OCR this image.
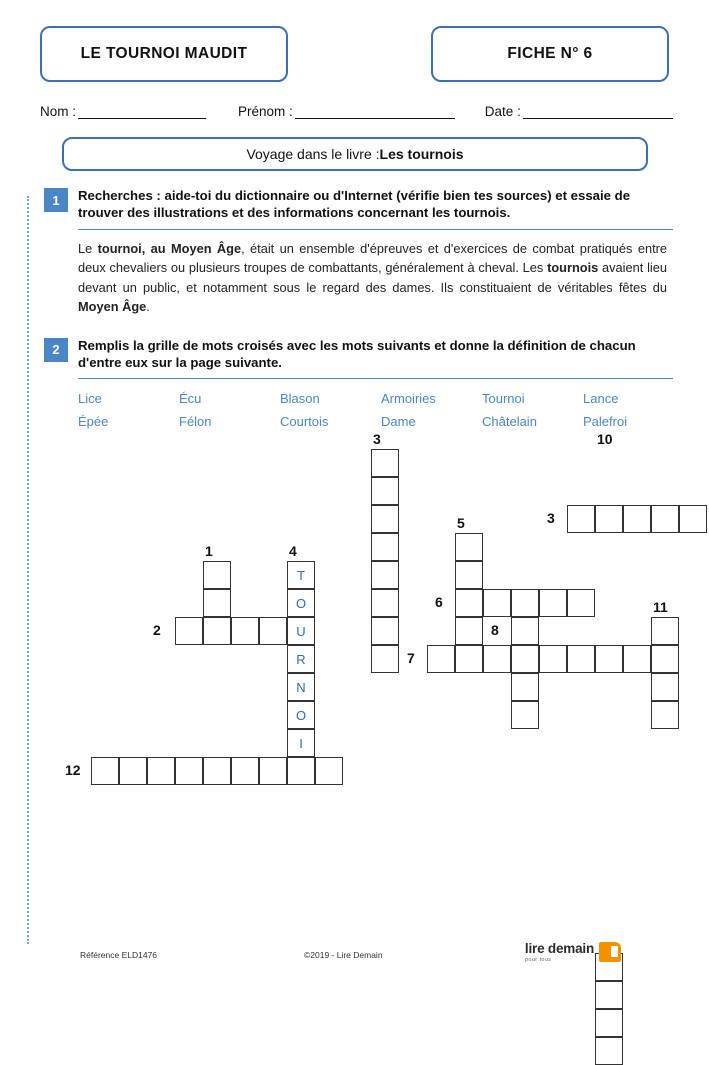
LE TOURNOI MAUDIT	FICHE N° 6
Nom :	Prénom :	Date :
Voyage dans le livre : Les tournois
1	Recherches : aide-toi du dictionnaire ou d'Internet (vérifie bien tes sources) et essaie de trouver des illustrations et des informations concernant les tournois.
Le tournoi, au Moyen Âge, était un ensemble d'épreuves et d'exercices de combat pratiqués entre deux chevaliers ou plusieurs troupes de combattants, généralement à cheval. Les tournois avaient lieu devant un public, et notamment sous le regard des dames. Ils constituaient de véritables fêtes du Moyen Âge.
2	Remplis la grille de mots croisés avec les mots suivants et donne la définition de chacun d'entre eux sur la page suivante.
Lice	Écu	Blason	Armoiries	Tournoi	Lance
Épée	Félon	Courtois	Dame	Châtelain	Palefroi
T
O
U
R
N
O
I
3	10
3
5
1	4
6
8
11
2
7
12
Référence ELD1476	©2019 - Lire Demain	lire demain
pour tous
